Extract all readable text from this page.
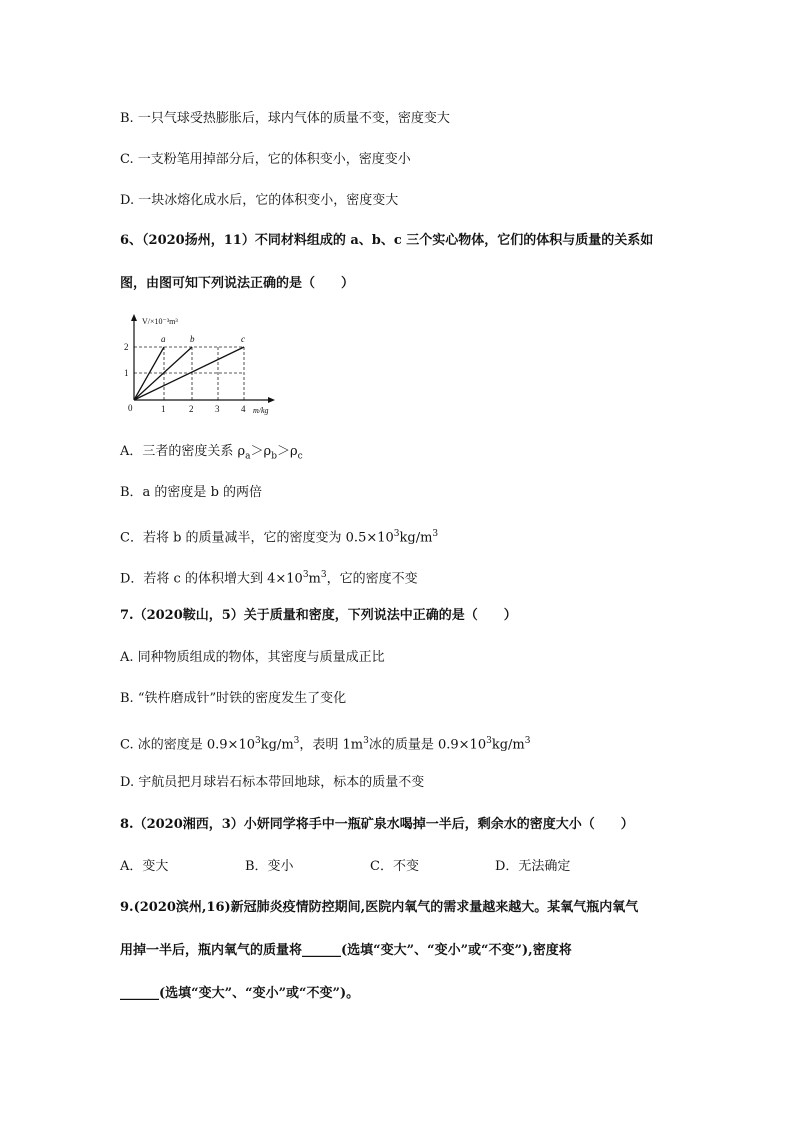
B. 一只气球受热膨胀后，球内气体的质量不变，密度变大
C. 一支粉笔用掉部分后，它的体积变小，密度变小
D. 一块冰熔化成水后，它的体积变小，密度变大
6、（2020扬州，11）不同材料组成的 a、b、c 三个实心物体，它们的体积与质量的关系如
图，由图可知下列说法正确的是（　　）
V/×10⁻³m³
m/kg
0	1	2 3 4
1
2
a	b	c
A．三者的密度关系 $\rho_a>\rho_b>\rho_c$
B．a 的密度是 b 的两倍
C．若将 b 的质量减半，它的密度变为 $0.5\times 10^3kg/m^3$
D．若将 c 的体积增大到 $4\times 10^3m^3$，它的密度不变
7.（2020鞍山，5）关于质量和密度，下列说法中正确的是（　　）
A. 同种物质组成的物体，其密度与质量成正比
B. “铁杵磨成针”时铁的密度发生了变化
C. 冰的密度是 $0.9\times 10^3kg/m^3$，表明 $1m^3$冰的质量是 $0.9\times 10^3kg/m^3$
D. 宇航员把月球岩石标本带回地球，标本的质量不变
8.（2020湘西，3）小妍同学将手中一瓶矿泉水喝掉一半后，剩余水的密度大小（　　）
A．变大	B．变小	C．不变	D．无法确定
9.(2020滨州,16)新冠肺炎疫情防控期间,医院内氧气的需求量越来越大。某氧气瓶内氧气
用掉一半后，瓶内氧气的质量将______(选填“变大”、“变小”或“不变”),密度将
______(选填“变大”、“变小”或“不变”)。
